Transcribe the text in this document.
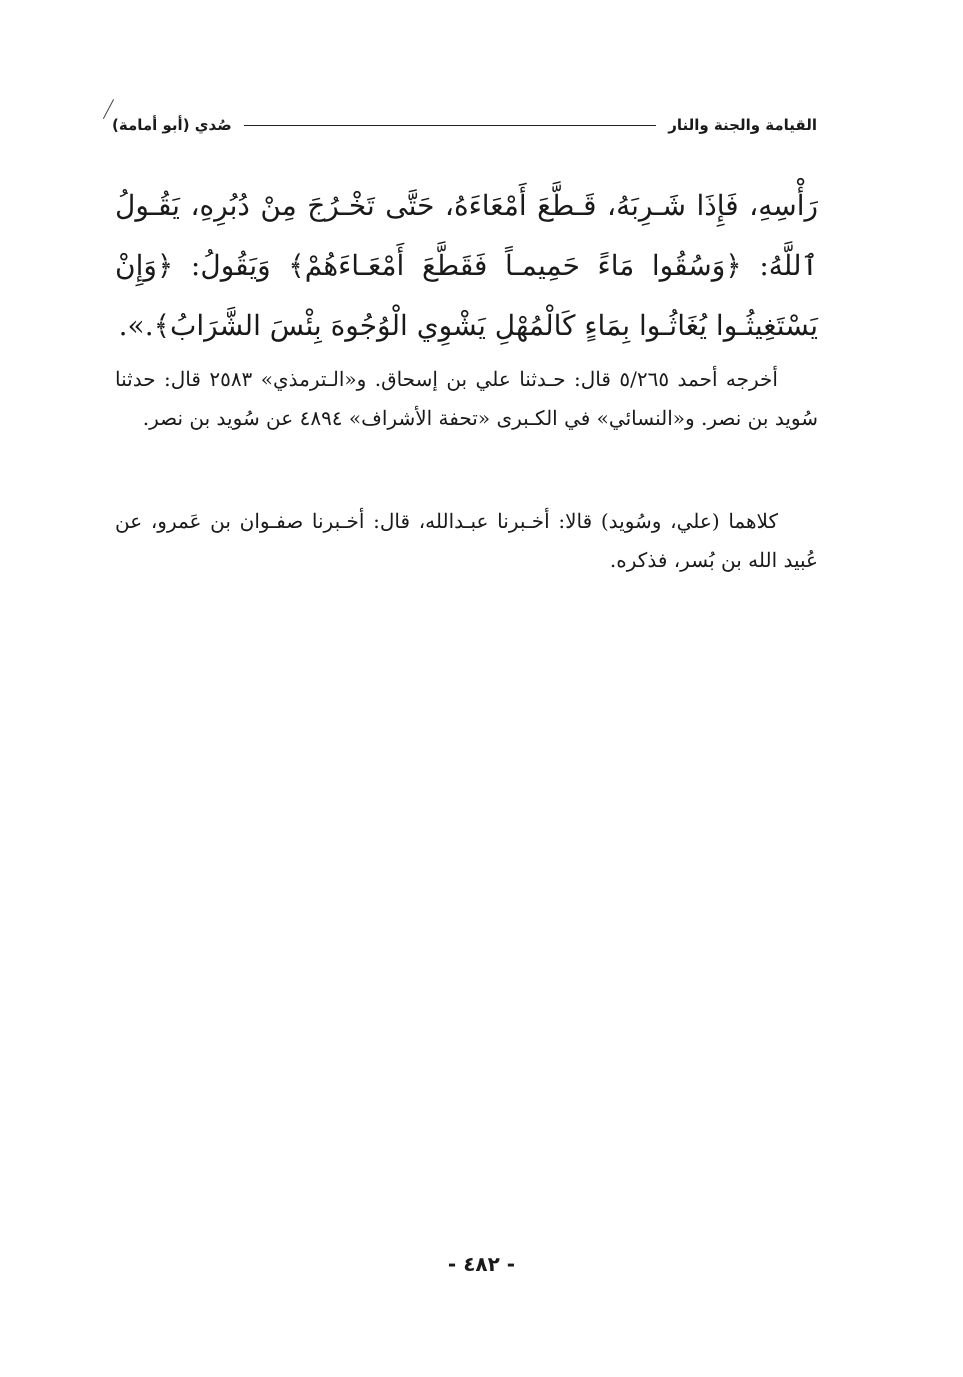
القيامة والجنة والنار
صُدي (أبو أمامة)

رَأْسِهِ، فَإِذَا شَـرِبَهُ، قَـطَّعَ أَمْعَاءَهُ، حَتَّى تَخْـرُجَ مِنْ دُبُرِهِ، يَقُـولُ ٱللَّهُ: ﴿وَسُقُوا مَاءً حَمِيمـاً فَقَطَّعَ أَمْعَـاءَهُمْ﴾ وَيَقُولُ: ﴿وَإِنْ يَسْتَغِيثُـوا يُغَاثُـوا بِمَاءٍ كَالْمُهْلِ يَشْوِي الْوُجُوهَ بِئْسَ الشَّرَابُ﴾.».

أخرجه أحمد ٥/٢٦٥ قال: حـدثنا علي بن إسحاق. و«الـترمذي» ٢٥٨٣ قال: حدثنا سُويد بن نصر. و«النسائي» في الكـبرى «تحفة الأشراف» ٤٨٩٤ عن سُويد بن نصر.

كلاهما (علي، وسُويد) قالا: أخـبرنا عبـدالله، قال: أخـبرنا صفـوان بن عَمرو، عن عُبيد الله بن بُسر، فذكره.

- ٤٨٢ -
